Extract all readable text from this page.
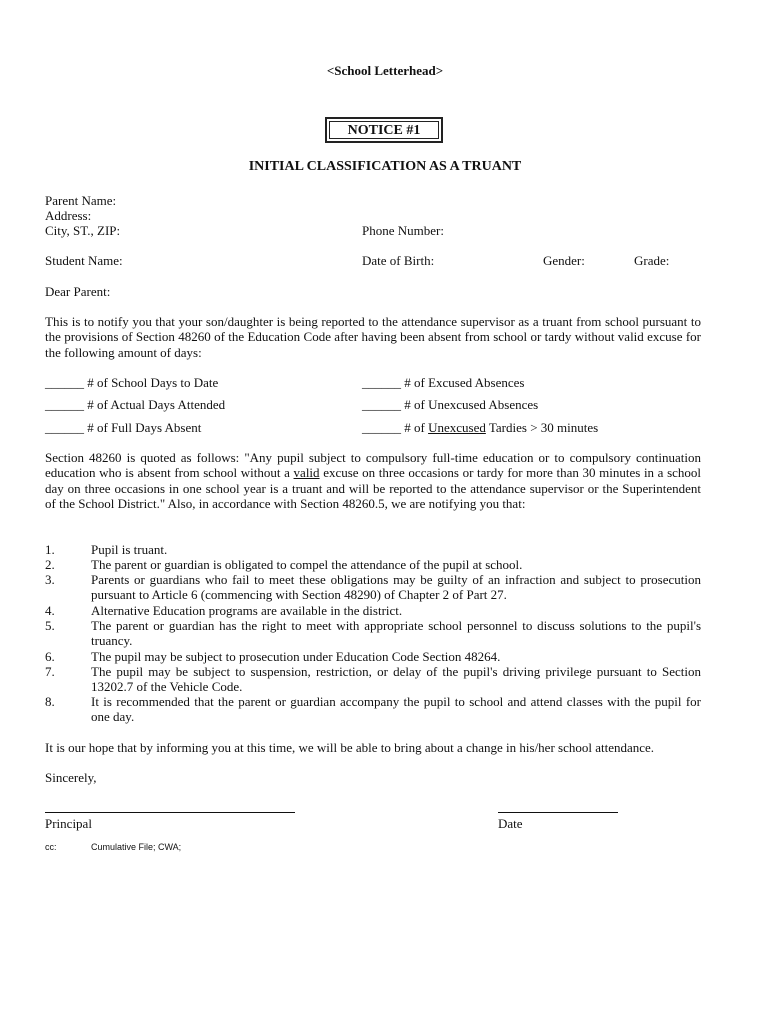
<School Letterhead>
NOTICE #1
INITIAL CLASSIFICATION AS A TRUANT
Parent Name:
Address:
City, ST., ZIP:	Phone Number:
Student Name:	Date of Birth:	Gender:	Grade:
Dear Parent:
This is to notify you that your son/daughter is being reported to the attendance supervisor as a truant from school pursuant to the provisions of Section 48260 of the Education Code after having been absent from school or tardy without valid excuse for the following amount of days:
______ # of School Days to Date	______ # of Excused Absences
______ # of Actual Days Attended	______ # of Unexcused Absences
______ # of Full Days Absent	______ # of Unexcused Tardies > 30 minutes
Section 48260 is quoted as follows: "Any pupil subject to compulsory full-time education or to compulsory continuation education who is absent from school without a valid excuse on three occasions or tardy for more than 30 minutes in a school day on three occasions in one school year is a truant and will be reported to the attendance supervisor or the Superintendent of the School District." Also, in accordance with Section 48260.5, we are notifying you that:
1.	Pupil is truant.
2.	The parent or guardian is obligated to compel the attendance of the pupil at school.
3.	Parents or guardians who fail to meet these obligations may be guilty of an infraction and subject to prosecution pursuant to Article 6 (commencing with Section 48290) of Chapter 2 of Part 27.
4.	Alternative Education programs are available in the district.
5.	The parent or guardian has the right to meet with appropriate school personnel to discuss solutions to the pupil's truancy.
6.	The pupil may be subject to prosecution under Education Code Section 48264.
7.	The pupil may be subject to suspension, restriction, or delay of the pupil's driving privilege pursuant to Section 13202.7 of the Vehicle Code.
8.	It is recommended that the parent or guardian accompany the pupil to school and attend classes with the pupil for one day.
It is our hope that by informing you at this time, we will be able to bring about a change in his/her school attendance.
Sincerely,
Principal	Date
cc:	Cumulative File; CWA;
